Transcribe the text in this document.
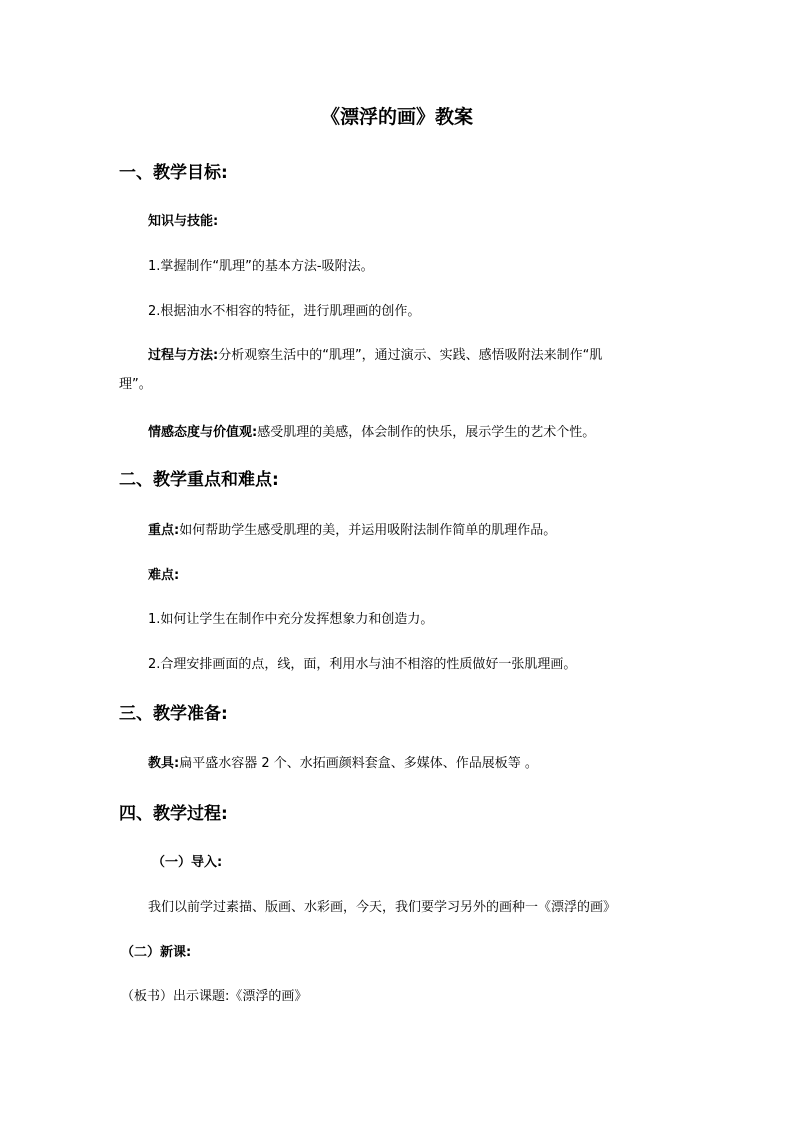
《漂浮的画》教案
一、教学目标:
知识与技能:
1.掌握制作“肌理”的基本方法-吸附法。
2.根据油水不相容的特征，进行肌理画的创作。
过程与方法:分析观察生活中的“肌理”，通过演示、实践、感悟吸附法来制作“肌
理”。
情感态度与价值观:感受肌理的美感，体会制作的快乐，展示学生的艺术个性。
二、教学重点和难点:
重点:如何帮助学生感受肌理的美，并运用吸附法制作简单的肌理作品。
难点:
1.如何让学生在制作中充分发挥想象力和创造力。
2.合理安排画面的点，线，面，利用水与油不相溶的性质做好一张肌理画。
三、教学准备:
教具:扁平盛水容器 2 个、水拓画颜料套盒、多媒体、作品展板等 。
四、教学过程:
（一）导入:
我们以前学过素描、版画、水彩画，今天，我们要学习另外的画种一《漂浮的画》
（二）新课:
（板书）出示课题:《漂浮的画》
